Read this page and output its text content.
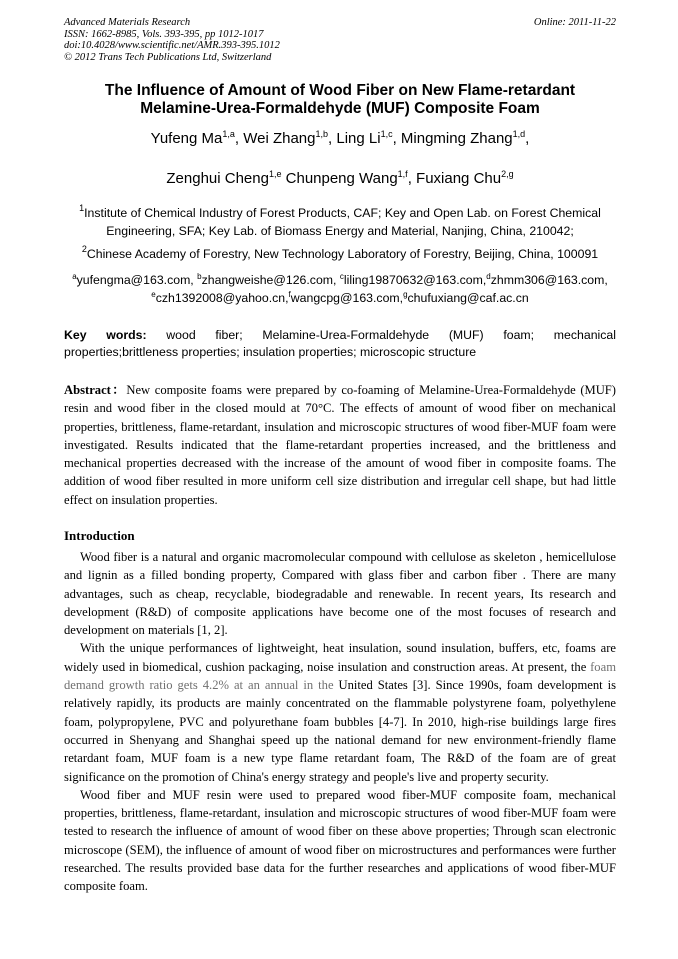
Advanced Materials Research
ISSN: 1662-8985, Vols. 393-395, pp 1012-1017
doi:10.4028/www.scientific.net/AMR.393-395.1012
© 2012 Trans Tech Publications Ltd, Switzerland
Online: 2011-11-22
The Influence of Amount of Wood Fiber on New Flame-retardant
Melamine-Urea-Formaldehyde (MUF) Composite Foam
Yufeng Ma$^{1,a}$, Wei Zhang$^{1,b}$, Ling Li$^{1,c}$, Mingming Zhang$^{1,d}$,
Zenghui Cheng$^{1,e}$ Chunpeng Wang$^{1,f}$, Fuxiang Chu$^{2,g}$
$^1$Institute of Chemical Industry of Forest Products, CAF; Key and Open Lab. on Forest Chemical
Engineering, SFA; Key Lab. of Biomass Energy and Material, Nanjing, China, 210042;
$^2$Chinese Academy of Forestry, New Technology Laboratory of Forestry, Beijing, China, 100091
$^a$yufengma@163.com, $^b$zhangweishe@126.com, $^c$liling19870632@163.com,$^d$zhmm306@163.com,
$^e$czh1392008@yahoo.cn,$^f$wangcpg@163.com,$^g$chufuxiang@caf.ac.cn
Key words: wood fiber; Melamine-Urea-Formaldehyde (MUF) foam; mechanical properties;brittleness properties; insulation properties; microscopic structure
Abstract：New composite foams were prepared by co-foaming of Melamine-Urea-Formaldehyde (MUF) resin and wood fiber in the closed mould at 70°C. The effects of amount of wood fiber on mechanical properties, brittleness, flame-retardant, insulation and microscopic structures of wood fiber-MUF foam were investigated. Results indicated that the flame-retardant properties increased, and the brittleness and mechanical properties decreased with the increase of the amount of wood fiber in composite foams. The addition of wood fiber resulted in more uniform cell size distribution and irregular cell shape, but had little effect on insulation properties.
Introduction

Wood fiber is a natural and organic macromolecular compound with cellulose as skeleton , hemicellulose and lignin as a filled bonding property, Compared with glass fiber and carbon fiber . There are many advantages, such as cheap, recyclable, biodegradable and renewable. In recent years, Its research and development (R&D) of composite applications have become one of the most focuses of research and development on materials [1, 2].

With the unique performances of lightweight, heat insulation, sound insulation, buffers, etc, foams are widely used in biomedical, cushion packaging, noise insulation and construction areas. At present, the foam demand growth ratio gets 4.2% at an annual in the United States [3]. Since 1990s, foam development is relatively rapidly, its products are mainly concentrated on the flammable polystyrene foam, polyethylene foam, polypropylene, PVC and polyurethane foam bubbles [4-7]. In 2010, high-rise buildings large fires occurred in Shenyang and Shanghai speed up the national demand for new environment-friendly flame retardant foam, MUF foam is a new type flame retardant foam, The R&D of the foam are of great significance on the promotion of China's energy strategy and people's live and property security.

Wood fiber and MUF resin were used to prepared wood fiber-MUF composite foam, mechanical properties, brittleness, flame-retardant, insulation and microscopic structures of wood fiber-MUF foam were tested to research the influence of amount of wood fiber on these above properties; Through scan electronic microscope (SEM), the influence of amount of wood fiber on microstructures and performances were further researched. The results provided base data for the further researches and applications of wood fiber-MUF composite foam.
